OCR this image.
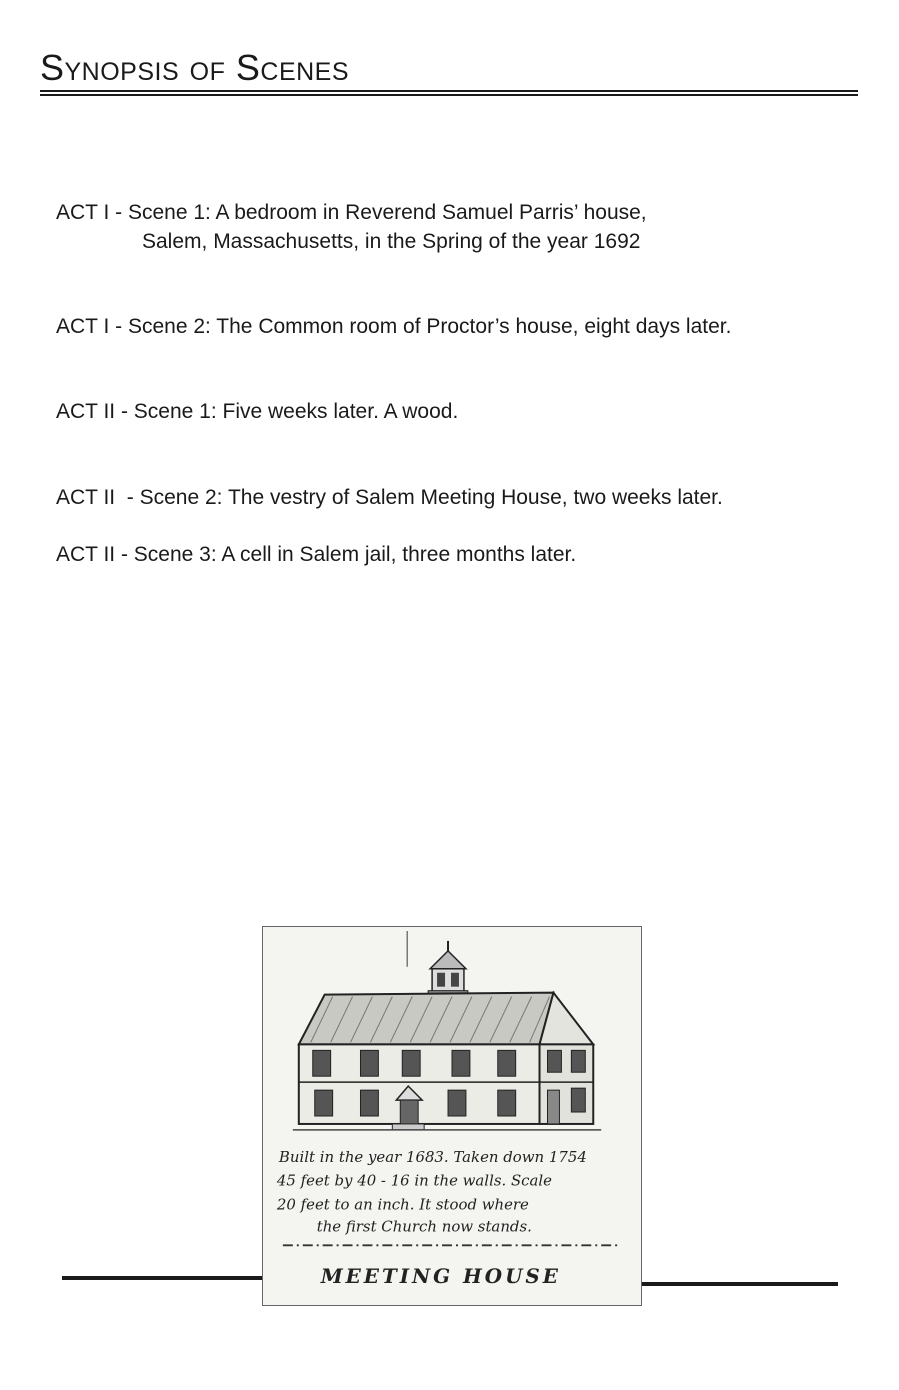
Synopsis of Scenes

ACT I - Scene 1: A bedroom in Reverend Samuel Parris’ house,
Salem, Massachusetts, in the Spring of the year 1692

ACT I - Scene 2: The Common room of Proctor’s house, eight days later.

ACT II - Scene 1: Five weeks later. A wood.

ACT II  - Scene 2: The vestry of Salem Meeting House, two weeks later.

ACT II - Scene 3: A cell in Salem jail, three months later.

Built in the year 1683. Taken down 1754
45 feet by 40 - 16 in the walls. Scale
20 feet to an inch. It stood where
the first Church now stands.
MEETING HOUSE
